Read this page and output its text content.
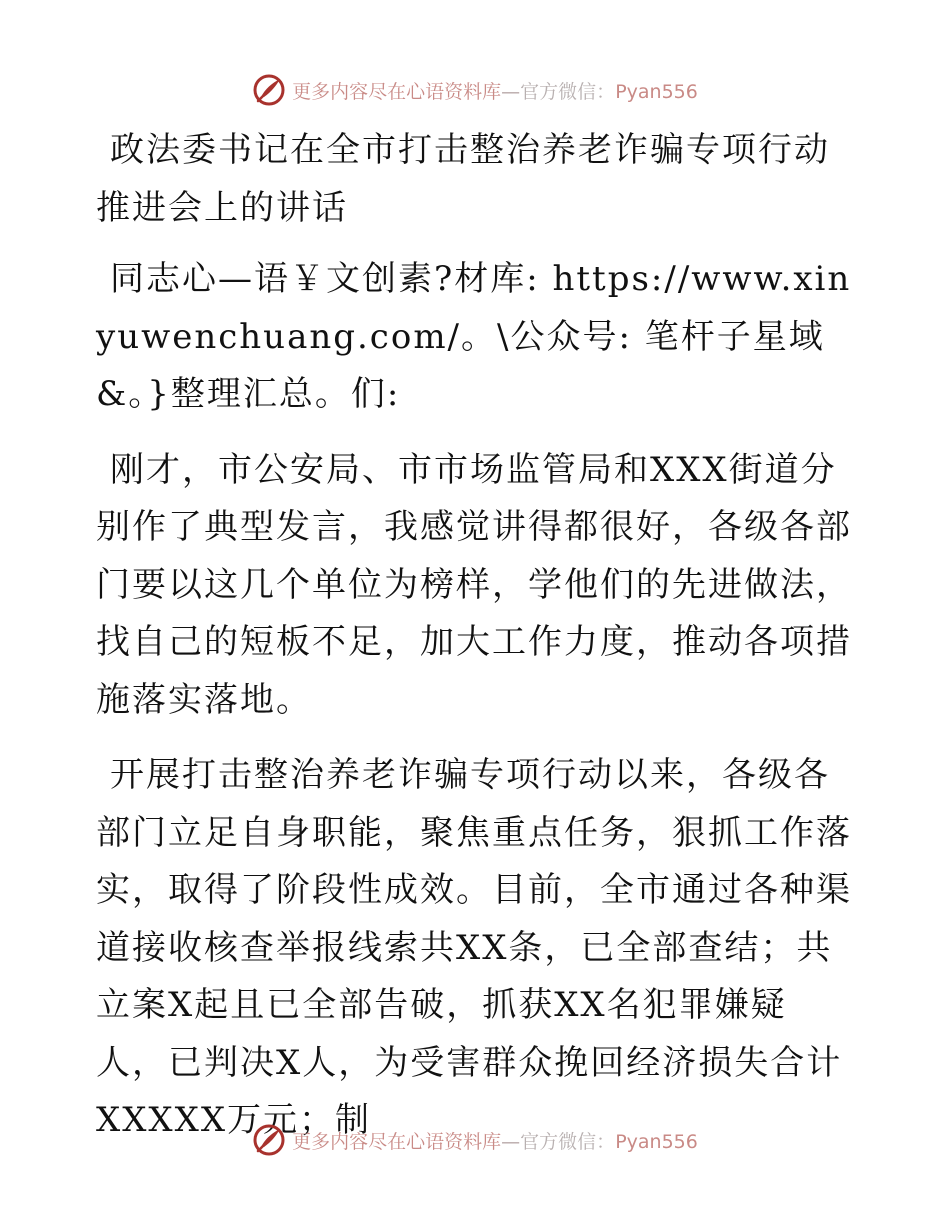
更多内容尽在心语资料库—官方微信：Pyan556

政法委书记在全市打击整治养老诈骗专项行动推进会上的讲话

同志心—语￥文创素?材库: https://www.xinyuwenchuang.com/。\公众号: 笔杆子星域&。}整理汇总。们:

刚才，市公安局、市市场监管局和XXX街道分别作了典型发言，我感觉讲得都很好，各级各部门要以这几个单位为榜样，学他们的先进做法，找自己的短板不足，加大工作力度，推动各项措施落实落地。

开展打击整治养老诈骗专项行动以来，各级各部门立足自身职能，聚焦重点任务，狠抓工作落实，取得了阶段性成效。目前，全市通过各种渠道接收核查举报线索共XX条，已全部查结；共立案X起且已全部告破，抓获XX名犯罪嫌疑人，已判决X人，为受害群众挽回经济损失合计XXXXX万元；制

更多内容尽在心语资料库—官方微信：Pyan556
